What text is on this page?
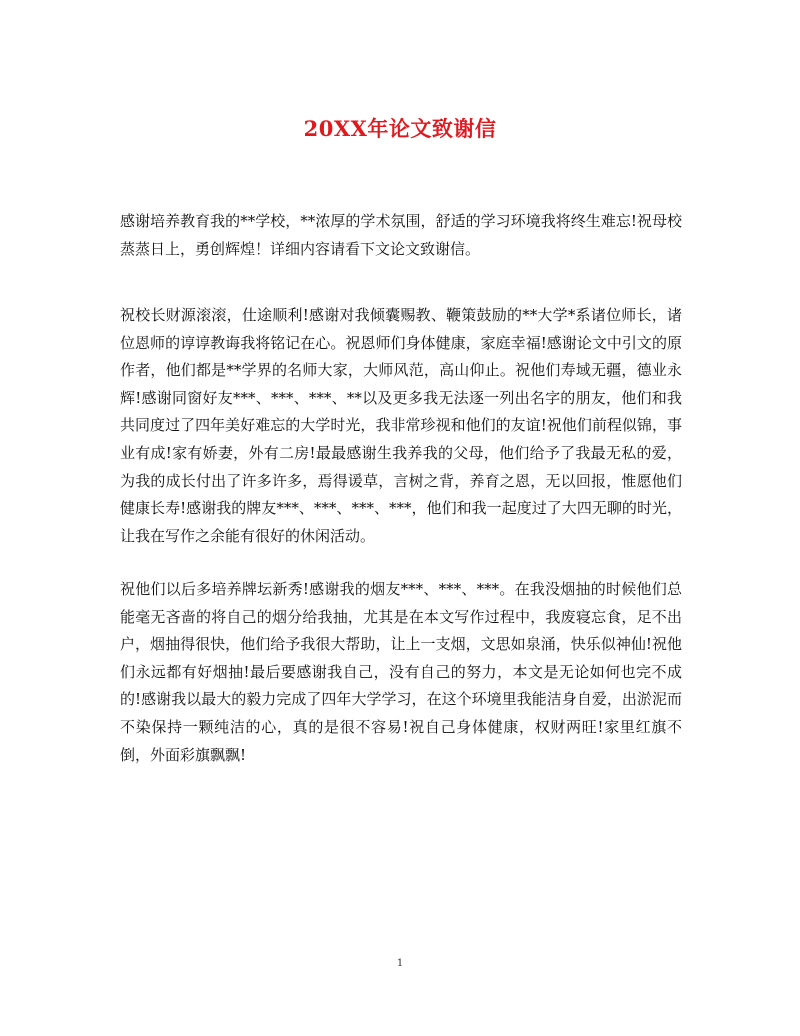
20XX年论文致谢信
感谢培养教育我的**学校，**浓厚的学术氛围，舒适的学习环境我将终生难忘!祝母校蒸蒸日上，勇创辉煌！详细内容请看下文论文致谢信。
祝校长财源滚滚，仕途顺利!感谢对我倾囊赐教、鞭策鼓励的**大学*系诸位师长，诸位恩师的谆谆教诲我将铭记在心。祝恩师们身体健康，家庭幸福!感谢论文中引文的原作者，他们都是**学界的名师大家，大师风范，高山仰止。祝他们寿域无疆，德业永辉!感谢同窗好友***、***、***、**以及更多我无法逐一列出名字的朋友，他们和我共同度过了四年美好难忘的大学时光，我非常珍视和他们的友谊!祝他们前程似锦，事业有成!家有娇妻，外有二房!最最感谢生我养我的父母，他们给予了我最无私的爱，为我的成长付出了许多许多，焉得谖草，言树之背，养育之恩，无以回报，惟愿他们健康长寿!感谢我的牌友***、***、***、***，他们和我一起度过了大四无聊的时光，让我在写作之余能有很好的休闲活动。
祝他们以后多培养牌坛新秀!感谢我的烟友***、***、***。在我没烟抽的时候他们总能毫无吝啬的将自己的烟分给我抽，尤其是在本文写作过程中，我废寝忘食，足不出户，烟抽得很快，他们给予我很大帮助，让上一支烟，文思如泉涌，快乐似神仙!祝他们永远都有好烟抽!最后要感谢我自己，没有自己的努力，本文是无论如何也完不成的!感谢我以最大的毅力完成了四年大学学习，在这个环境里我能洁身自爱，出淤泥而不染保持一颗纯洁的心，真的是很不容易!祝自己身体健康，权财两旺!家里红旗不倒，外面彩旗飘飘!
1
